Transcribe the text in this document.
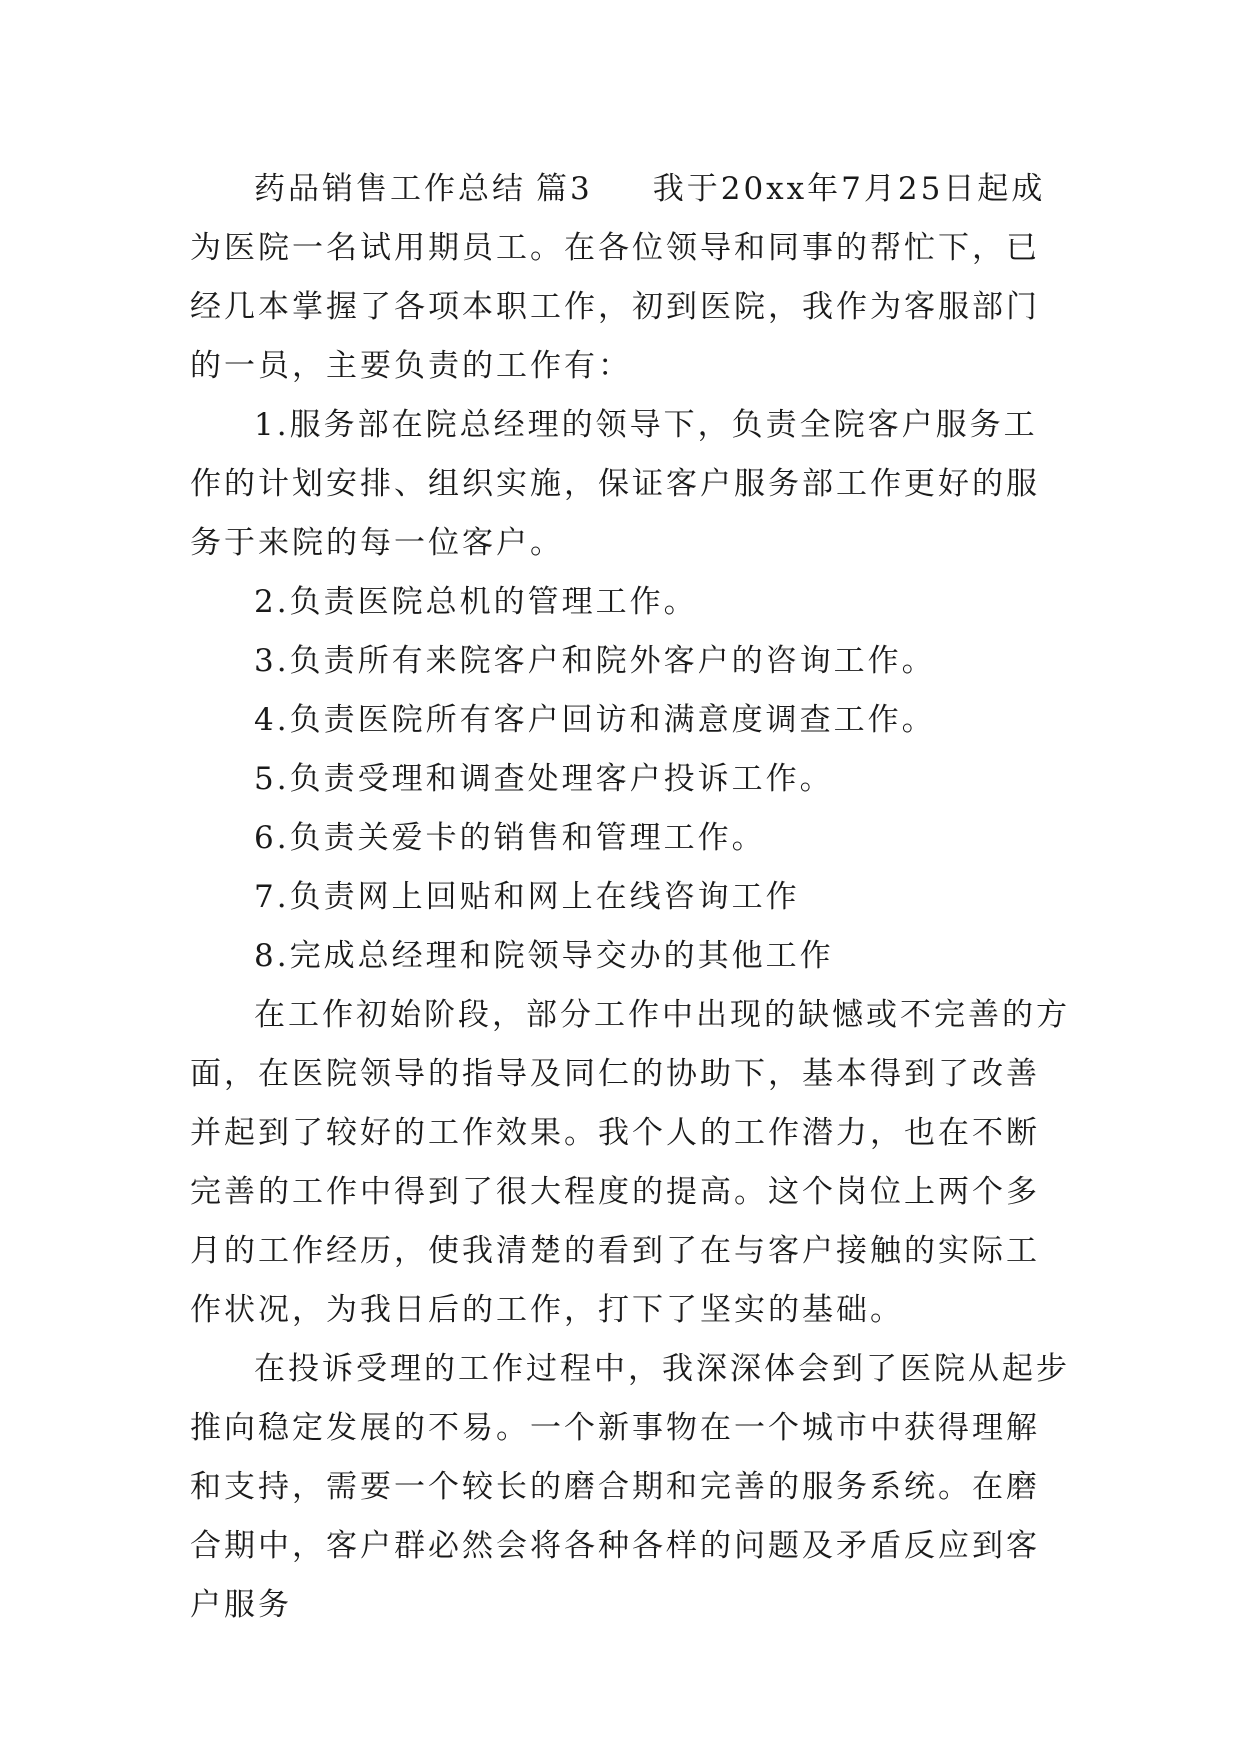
药品销售工作总结 篇3 我于20xx年7月25日起成为医院一名试用期员工。在各位领导和同事的帮忙下，已经几本掌握了各项本职工作，初到医院，我作为客服部门的一员，主要负责的工作有：

1.服务部在院总经理的领导下，负责全院客户服务工作的计划安排、组织实施，保证客户服务部工作更好的服务于来院的每一位客户。

2.负责医院总机的管理工作。

3.负责所有来院客户和院外客户的咨询工作。

4.负责医院所有客户回访和满意度调查工作。

5.负责受理和调查处理客户投诉工作。

6.负责关爱卡的销售和管理工作。

7.负责网上回贴和网上在线咨询工作

8.完成总经理和院领导交办的其他工作

在工作初始阶段，部分工作中出现的缺憾或不完善的方面，在医院领导的指导及同仁的协助下，基本得到了改善并起到了较好的工作效果。我个人的工作潜力，也在不断完善的工作中得到了很大程度的提高。这个岗位上两个多月的工作经历，使我清楚的看到了在与客户接触的实际工作状况，为我日后的工作，打下了坚实的基础。

在投诉受理的工作过程中，我深深体会到了医院从起步推向稳定发展的不易。一个新事物在一个城市中获得理解和支持，需要一个较长的磨合期和完善的服务系统。在磨合期中，客户群必然会将各种各样的问题及矛盾反应到客户服务
